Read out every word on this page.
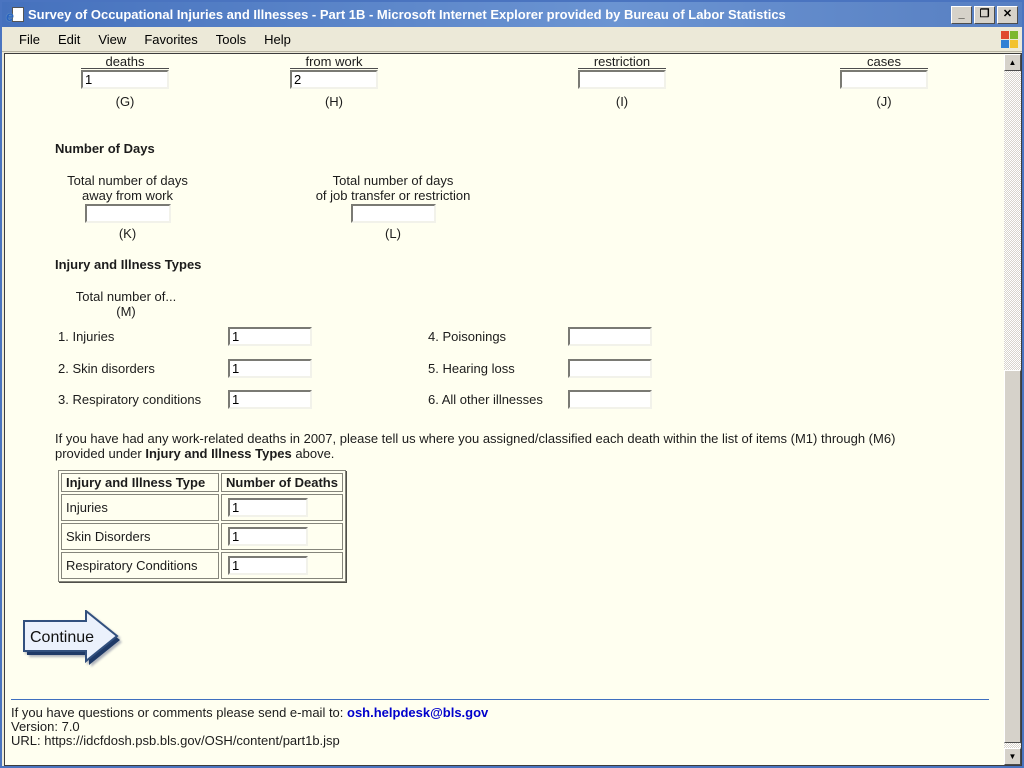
e Survey of Occupational Injuries and Illnesses - Part 1B - Microsoft Internet Explorer provided by Bureau of Labor Statistics	_	❐	✕
File	Edit	View	Favorites	Tools	Help
deaths
1
(G)
from work
2
(H)
restriction
(I)
cases
(J)
Number of Days
Total number of days
away from work
(K)
Total number of days
of job transfer or restriction
(L)
Injury and Illness Types
Total number of...
(M)
1. Injuries
1
2. Skin disorders
1
3. Respiratory conditions
1
4. Poisonings
5. Hearing loss
6. All other illnesses
If you have had any work-related deaths in 2007, please tell us where you assigned/classified each death within the list of items (M1) through (M6)
provided under Injury and Illness Types above.
Injury and Illness Type	Number of Deaths
Injuries	1
Skin Disorders	1
Respiratory Conditions	1
Continue
If you have questions or comments please send e-mail to: osh.helpdesk@bls.gov
Version: 7.0
URL: https://idcfdosh.psb.bls.gov/OSH/content/part1b.jsp
▲
▼
